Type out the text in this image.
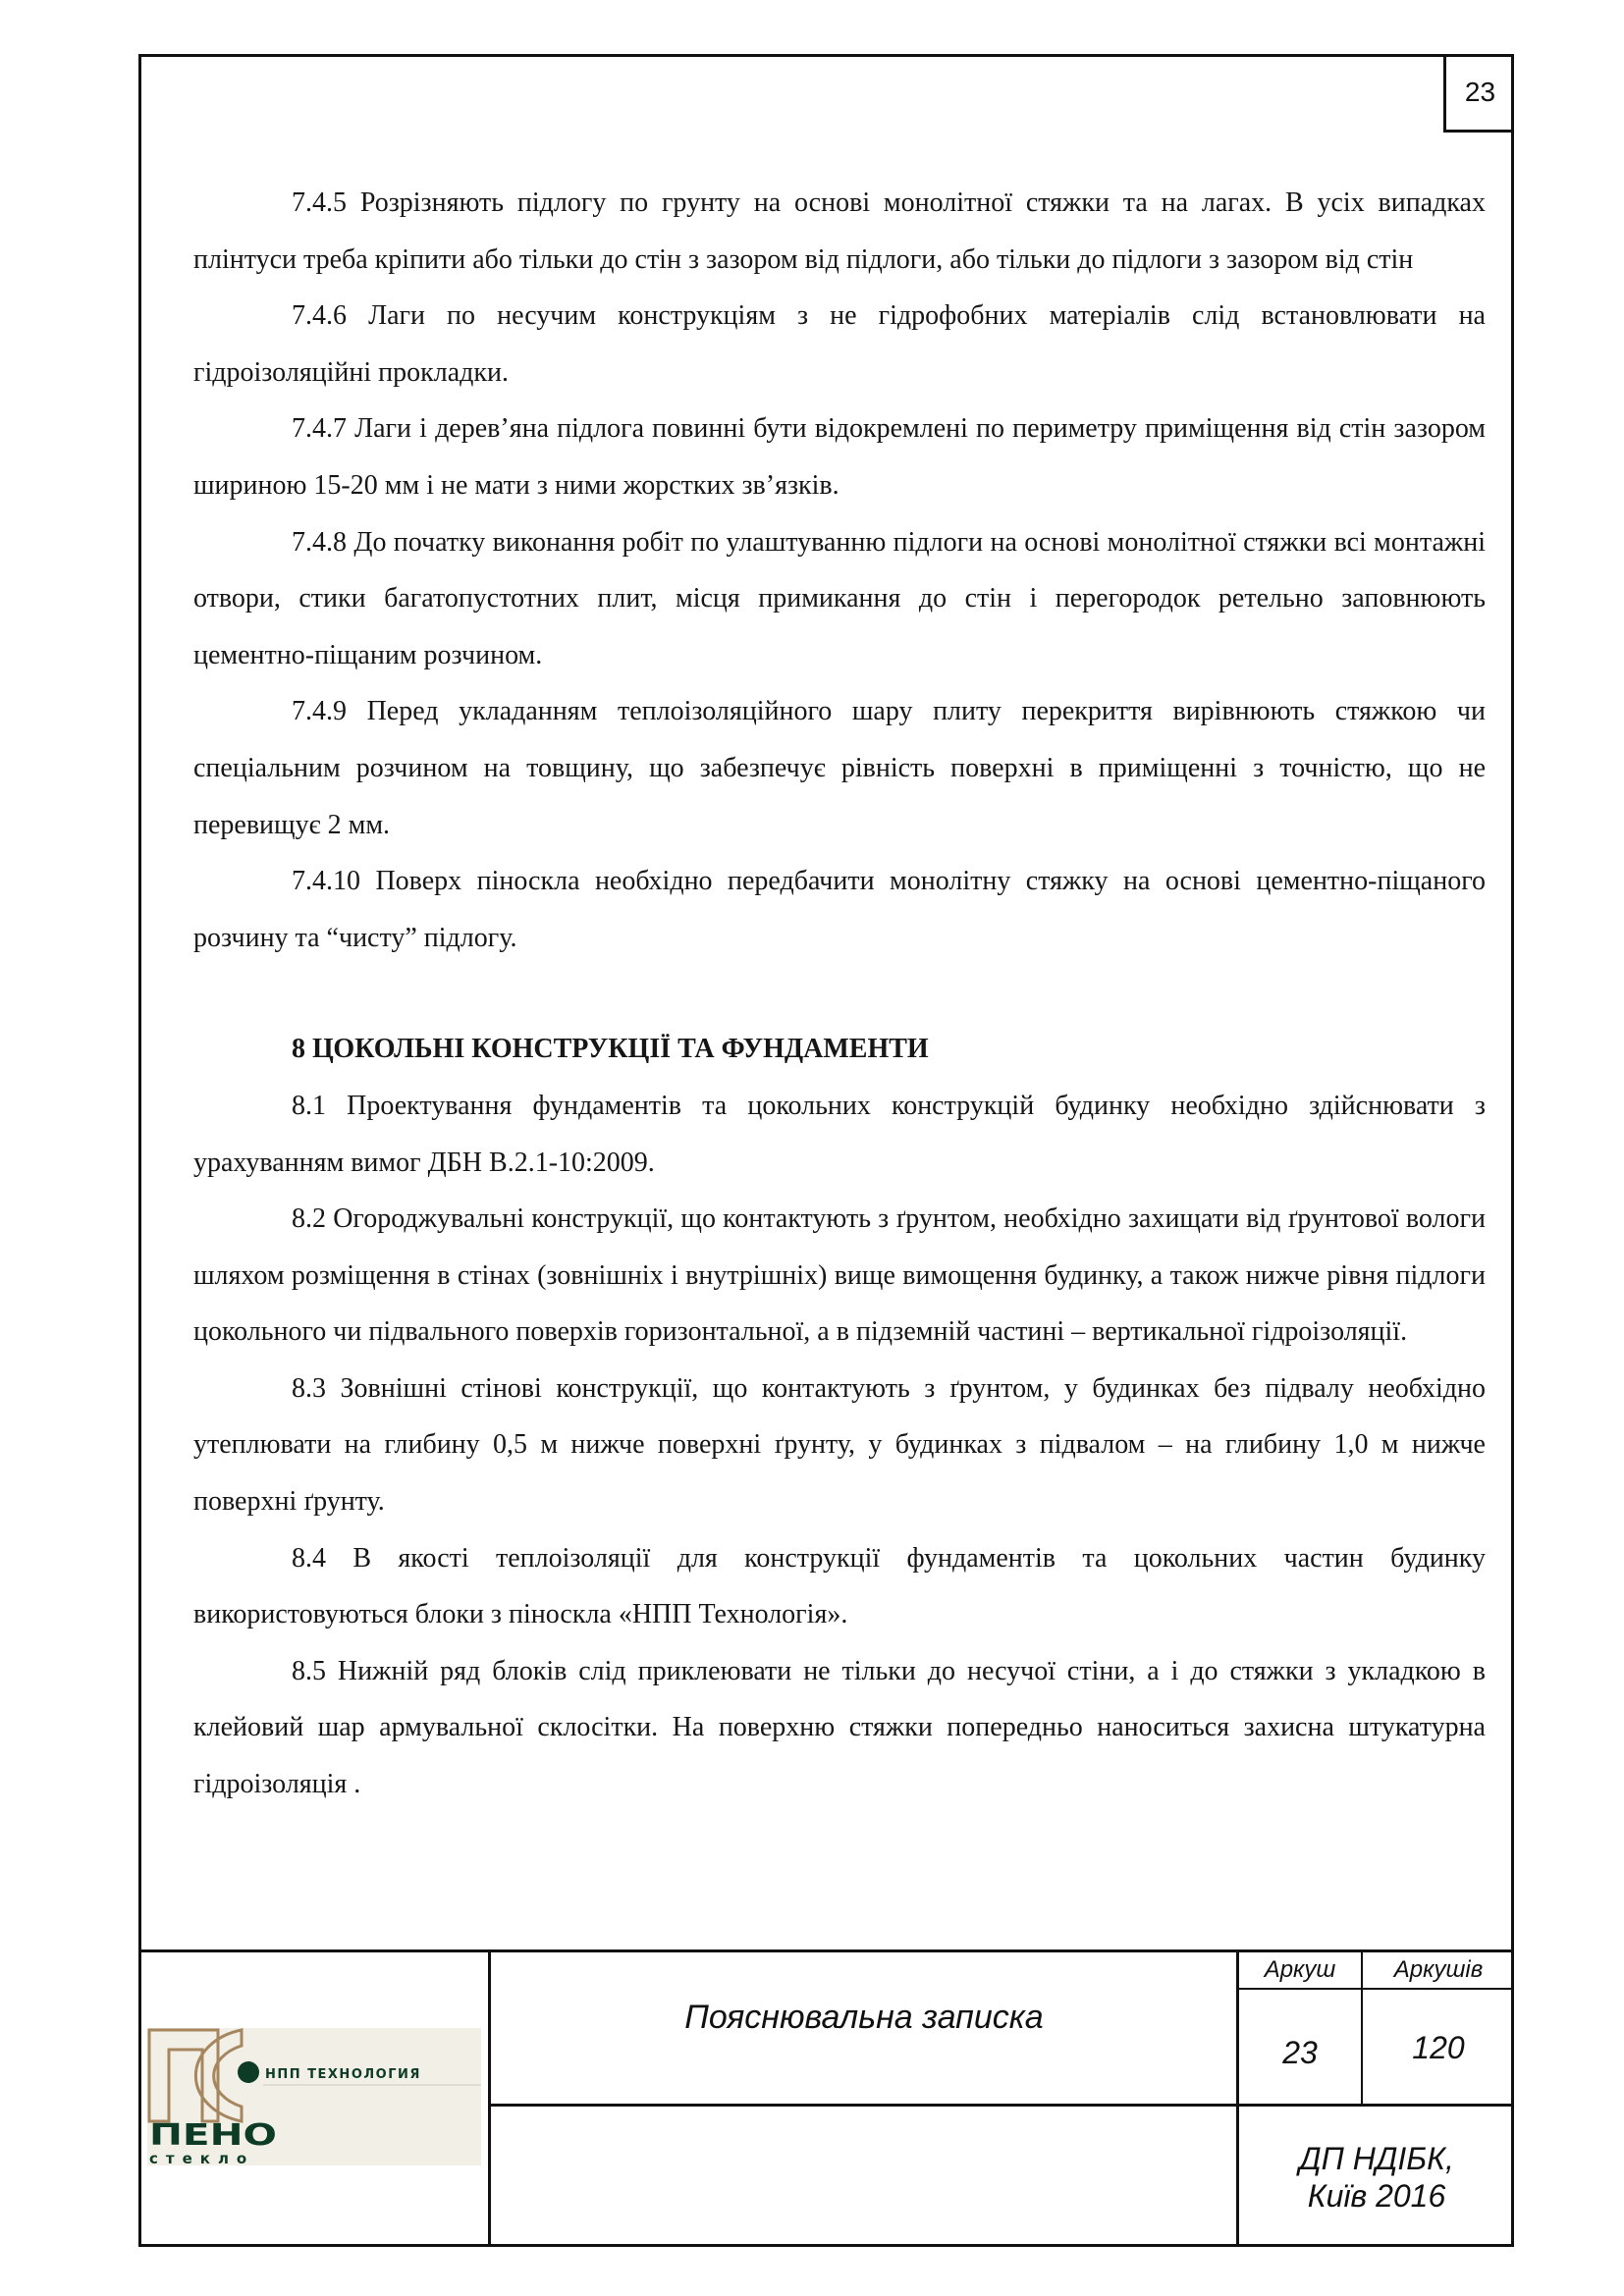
23

7.4.5 Розрізняють підлогу по грунту на основі монолітної стяжки та на лагах. В усіх випадках плінтуси треба кріпити або тільки до стін з зазором від підлоги, або тільки до підлоги з зазором від стін

7.4.6 Лаги по несучим конструкціям з не гідрофобних матеріалів слід встановлювати на гідроізоляційні прокладки.

7.4.7 Лаги і дерев’яна підлога повинні бути відокремлені по периметру приміщення від стін зазором шириною 15-20 мм і не мати з ними жорстких зв’язків.

7.4.8 До початку виконання робіт по улаштуванню підлоги на основі монолітної стяжки всі монтажні отвори, стики багатопустотних плит, місця примикання до стін і перегородок ретельно заповнюють цементно-піщаним розчином.

7.4.9 Перед укладанням теплоізоляційного шару плиту перекриття вирівнюють стяжкою чи спеціальним розчином на товщину, що забезпечує рівність поверхні в приміщенні з точністю, що не перевищує 2 мм.

7.4.10 Поверх піноскла необхідно передбачити монолітну стяжку на основі цементно-піщаного розчину та “чисту” підлогу.

8 ЦОКОЛЬНІ КОНСТРУКЦІЇ ТА ФУНДАМЕНТИ

8.1 Проектування фундаментів та цокольних конструкцій будинку необхідно здійснювати з урахуванням вимог ДБН В.2.1-10:2009.

8.2 Огороджувальні конструкції, що контактують з ґрунтом, необхідно захищати від ґрунтової вологи шляхом розміщення в стінах (зовнішніх і внутрішніх) вище вимощення будинку, а також нижче рівня підлоги цокольного чи підвального поверхів горизонтальної, а в підземній частині – вертикальної гідроізоляції.

8.3 Зовнішні стінові конструкції, що контактують з ґрунтом, у будинках без підвалу необхідно утеплювати на глибину 0,5 м нижче поверхні ґрунту, у будинках з підвалом – на глибину 1,0 м нижче поверхні ґрунту.

8.4 В якості теплоізоляції для конструкції фундаментів та цокольних частин будинку використовуються блоки з піноскла «НПП Технологія».

8.5 Нижній ряд блоків слід приклеювати не тільки до несучої стіни, а і до стяжки з укладкою в клейовий шар армувальної склосітки. На поверхню стяжки попередньо наноситься захисна штукатурна гідроізоляція .

Пояснювальна записка
Аркуш	Аркушів
23	120
ДП НДІБК,
Київ 2016
НПП ТЕХНОЛОГИЯ
ПЕНО
стекло
